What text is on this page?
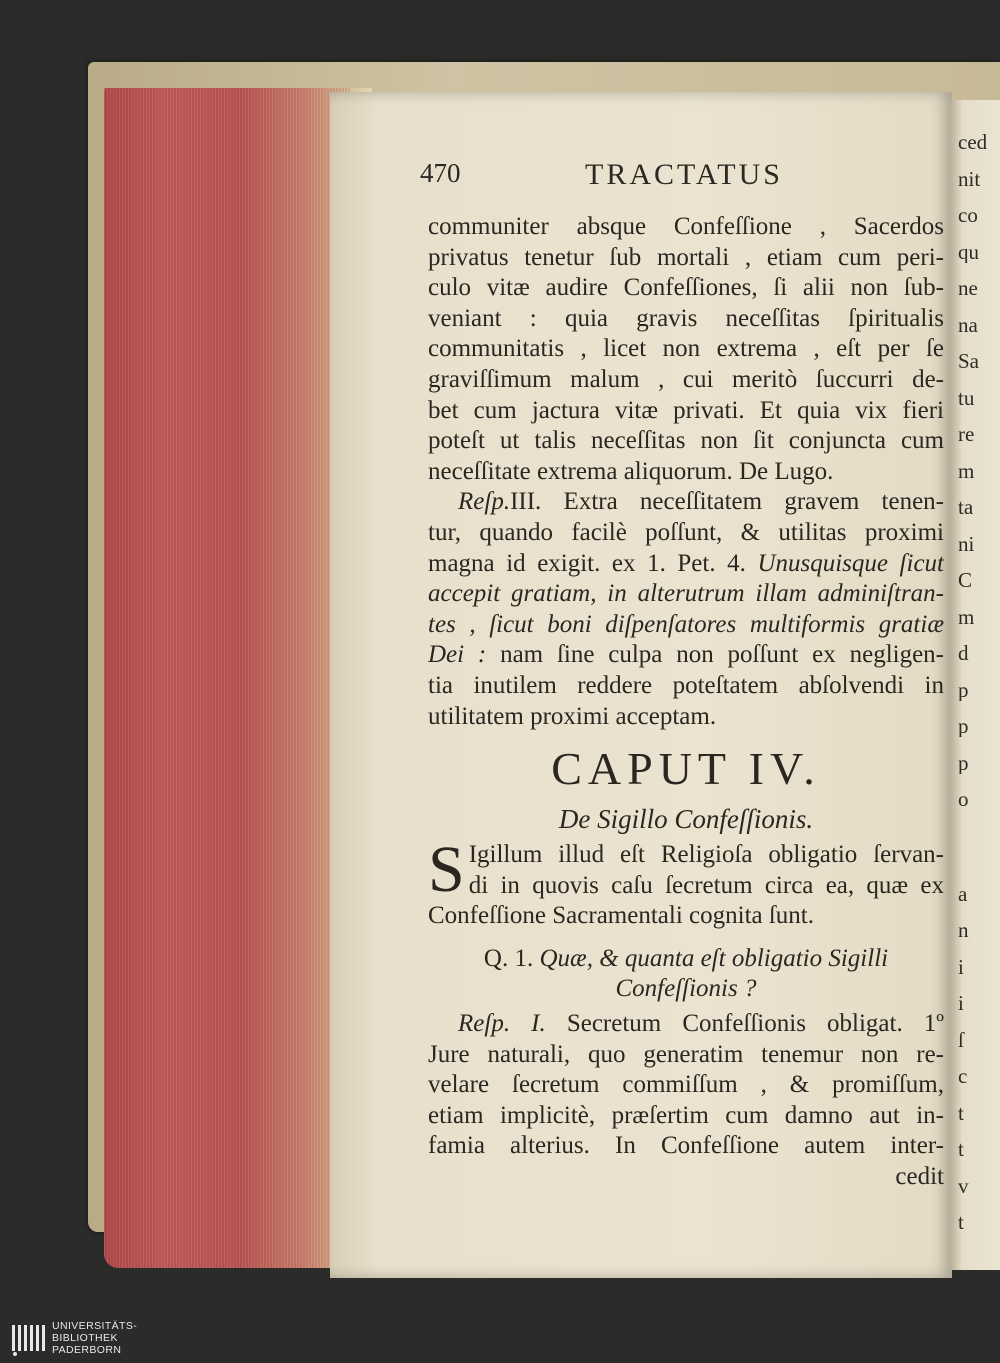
ced
nit
co
qu
ne
na
Sa
tu
re
m
ta
ni
C
m
d
p
p
p
o
a
n
i
i
ſ
c
t
t
v
t
470	TRACTATUS
communiter absque Confeſſione , Sacerdos
privatus tenetur ſub mortali , etiam cum peri-
culo vitæ audire Confeſſiones, ſi alii non ſub-
veniant : quia gravis neceſſitas ſpiritualis
communitatis , licet non extrema , eſt per ſe
graviſſimum malum , cui meritò ſuccurri de-
bet cum jactura vitæ privati. Et quia vix fieri
poteſt ut talis neceſſitas non ſit conjuncta cum
neceſſitate extrema aliquorum. De Lugo.
Reſp.III. Extra neceſſitatem gravem tenen-
tur, quando facilè poſſunt, & utilitas proximi
magna id exigit. ex 1. Pet. 4. Unusquisque ſicut
accepit gratiam, in alterutrum illam adminiſtran-
tes , ſicut boni diſpenſatores multiformis gratiæ
Dei : nam ſine culpa non poſſunt ex negligen-
tia inutilem reddere poteſtatem abſolvendi in
utilitatem proximi acceptam.
CAPUT IV.
De Sigillo Confeſſionis.
S Igillum illud eſt Religioſa obligatio ſervan-
di in quovis caſu ſecretum circa ea, quæ ex
Confeſſione Sacramentali cognita ſunt.
Q. 1. Quæ, & quanta eſt obligatio Sigilli
Confeſſionis ?
Reſp. I. Secretum Confeſſionis obligat. 1º
Jure naturali, quo generatim tenemur non re-
velare ſecretum commiſſum , & promiſſum,
etiam implicitè, præſertim cum damno aut in-
famia alterius. In Confeſſione autem inter-
cedit
UNIVERSITÄTS-
BIBLIOTHEK
PADERBORN
